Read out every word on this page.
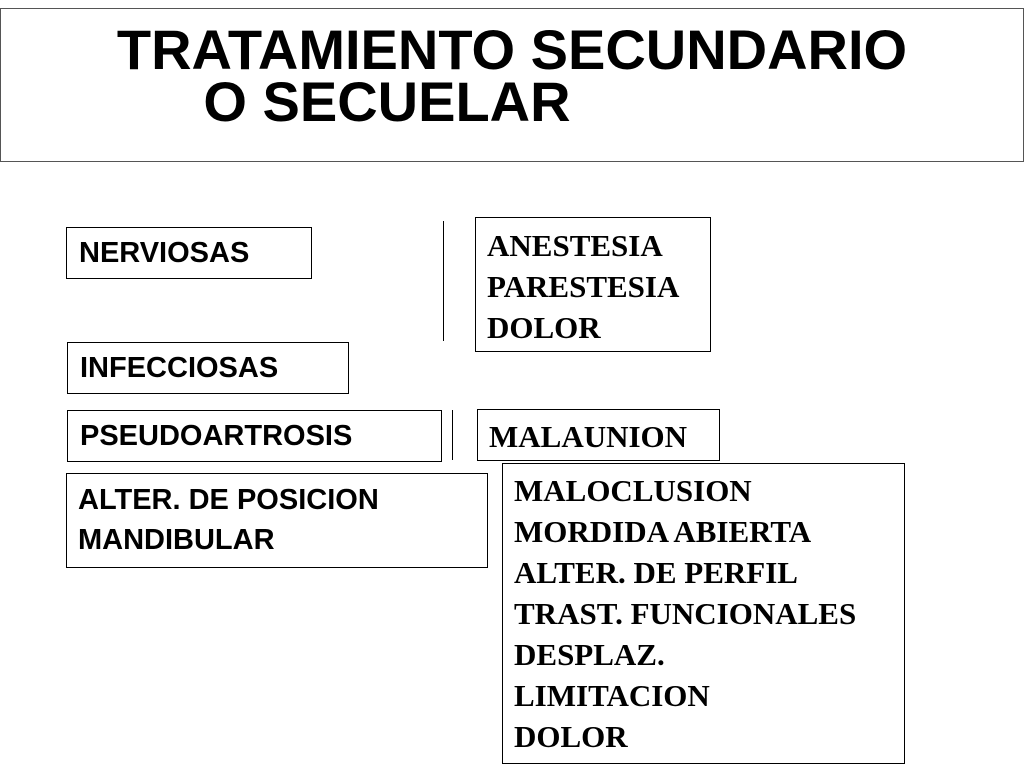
TRATAMIENTO SECUNDARIO
O SECUELAR
NERVIOSAS	ANESTESIA
PARESTESIA
DOLOR
INFECCIOSAS
PSEUDOARTROSIS	MALAUNION
ALTER. DE POSICION
MANDIBULAR
MALOCLUSION
MORDIDA ABIERTA
ALTER. DE PERFIL
TRAST. FUNCIONALES
DESPLAZ.
LIMITACION
DOLOR
